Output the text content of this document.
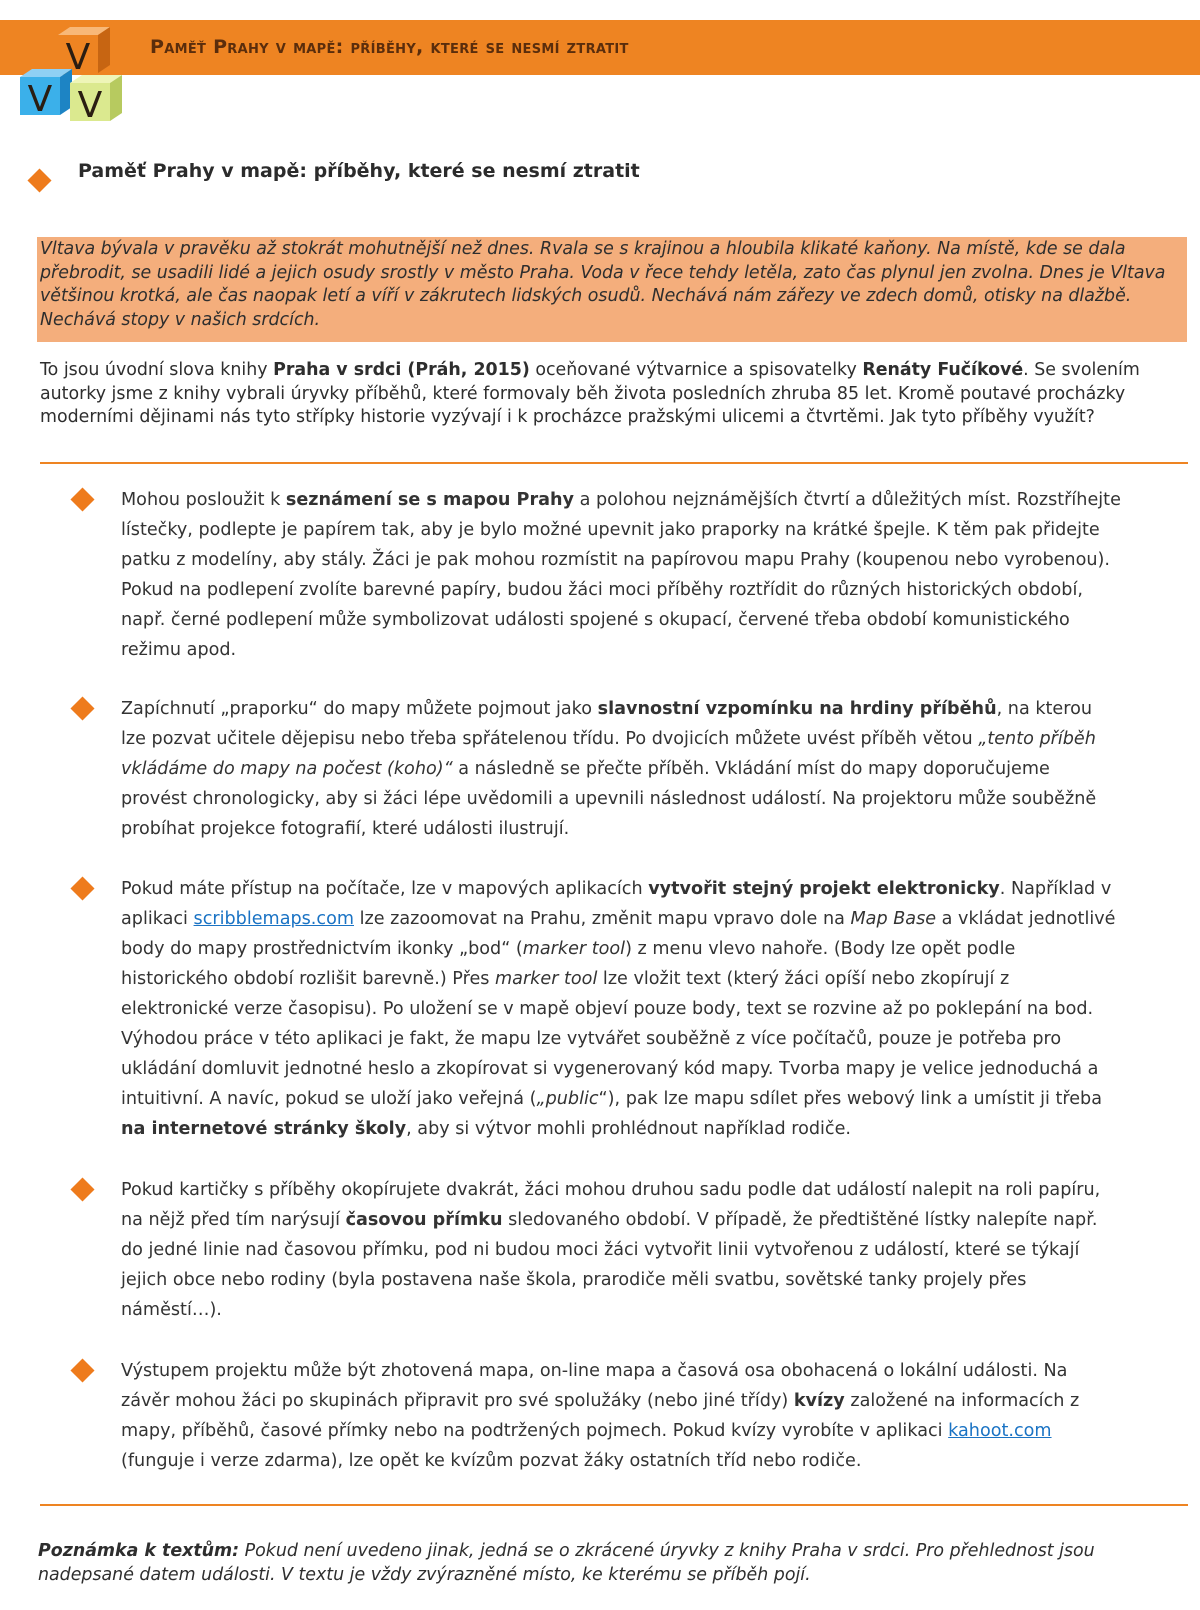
Paměť Prahy v mapě: příběhy, které se nesmí ztratit
V
V V
Paměť Prahy v mapě: příběhy, které se nesmí ztratit
Vltava bývala v pravěku až stokrát mohutnější než dnes. Rvala se s krajinou a hloubila klikaté kaňony. Na místě, kde se dala přebrodit, se usadili lidé a jejich osudy srostly v město Praha. Voda v řece tehdy letěla, zato čas plynul jen zvolna. Dnes je Vltava většinou krotká, ale čas naopak letí a víří v zákrutech lidských osudů. Nechává nám zářezy ve zdech domů, otisky na dlažbě. Nechává stopy v našich srdcích.
To jsou úvodní slova knihy Praha v srdci (Práh, 2015) oceňované výtvarnice a spisovatelky Renáty Fučíkové. Se svolením autorky jsme z knihy vybrali úryvky příběhů, které formovaly běh života posledních zhruba 85 let. Kromě poutavé procházky moderními dějinami nás tyto střípky historie vyzývají i k procházce pražskými ulicemi a čtvrtěmi. Jak tyto příběhy využít?
Mohou posloužit k seznámení se s mapou Prahy a polohou nejznámějších čtvrtí a důležitých míst. Rozstříhejte lístečky, podlepte je papírem tak, aby je bylo možné upevnit jako praporky na krátké špejle. K těm pak přidejte patku z modelíny, aby stály. Žáci je pak mohou rozmístit na papírovou mapu Prahy (koupenou nebo vyrobenou). Pokud na podlepení zvolíte barevné papíry, budou žáci moci příběhy roztřídit do různých historických období, např. černé podlepení může symbolizovat události spojené s okupací, červené třeba období komunistického režimu apod.
Zapíchnutí „praporku“ do mapy můžete pojmout jako slavnostní vzpomínku na hrdiny příběhů, na kterou lze pozvat učitele dějepisu nebo třeba spřátelenou třídu. Po dvojicích můžete uvést příběh větou „tento příběh vkládáme do mapy na počest (koho)“ a následně se přečte příběh. Vkládání míst do mapy doporučujeme provést chronologicky, aby si žáci lépe uvědomili a upevnili následnost událostí. Na projektoru může souběžně probíhat projekce fotografií, které události ilustrují.
Pokud máte přístup na počítače, lze v mapových aplikacích vytvořit stejný projekt elektronicky. Například v aplikaci scribblemaps.com lze zazoomovat na Prahu, změnit mapu vpravo dole na Map Base a vkládat jednotlivé body do mapy prostřednictvím ikonky „bod“ (marker tool) z menu vlevo nahoře. (Body lze opět podle historického období rozlišit barevně.) Přes marker tool lze vložit text (který žáci opíší nebo zkopírují z elektronické verze časopisu). Po uložení se v mapě objeví pouze body, text se rozvine až po poklepání na bod. Výhodou práce v této aplikaci je fakt, že mapu lze vytvářet souběžně z více počítačů, pouze je potřeba pro ukládání domluvit jednotné heslo a zkopírovat si vygenerovaný kód mapy. Tvorba mapy je velice jednoduchá a intuitivní. A navíc, pokud se uloží jako veřejná („public“), pak lze mapu sdílet přes webový link a umístit ji třeba na internetové stránky školy, aby si výtvor mohli prohlédnout například rodiče.
Pokud kartičky s příběhy okopírujete dvakrát, žáci mohou druhou sadu podle dat událostí nalepit na roli papíru, na nějž před tím narýsují časovou přímku sledovaného období. V případě, že předtištěné lístky nalepíte např. do jedné linie nad časovou přímku, pod ni budou moci žáci vytvořit linii vytvořenou z událostí, které se týkají jejich obce nebo rodiny (byla postavena naše škola, prarodiče měli svatbu, sovětské tanky projely přes náměstí…).
Výstupem projektu může být zhotovená mapa, on-line mapa a časová osa obohacená o lokální události. Na závěr mohou žáci po skupinách připravit pro své spolužáky (nebo jiné třídy) kvízy založené na informacích z mapy, příběhů, časové přímky nebo na podtržených pojmech. Pokud kvízy vyrobíte v aplikaci kahoot.com (funguje i verze zdarma), lze opět ke kvízům pozvat žáky ostatních tříd nebo rodiče.
Poznámka k textům: Pokud není uvedeno jinak, jedná se o zkrácené úryvky z knihy Praha v srdci. Pro přehlednost jsou nadepsané datem události. V textu je vždy zvýrazněné místo, ke kterému se příběh pojí.
